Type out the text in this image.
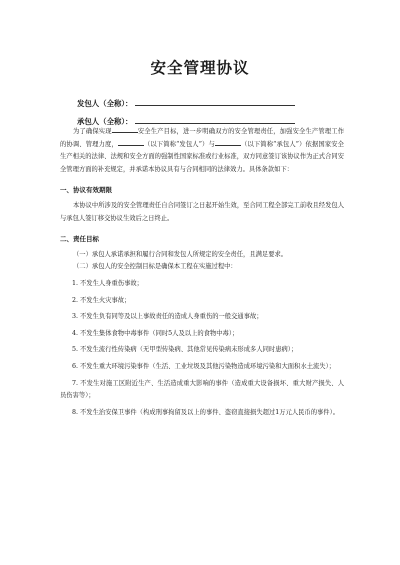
安全管理协议
发包人（全称）：
承包人（全称）：

为了确保实现	安全生产目标，进一步明确双方的安全管理责任，加强安全生产管理工作的协调、管理力度，	（以下简称“发包人”）与	（以下简称“承包人”）依据国家安全生产相关的法律、法规和安全方面的强制性国家标准或行业标准，双方同意签订该协议作为正式合同安全管理方面的补充规定，并承诺本协议具有与合同相同的法律效力。具体条款如下：

一、协议有效期限

本协议中所涉及的安全管理责任自合同签订之日起开始生效，至合同工程全部完工前收且经发包人与承包人签订移交协议生效后之日终止。

二、责任目标

（一）承包人承诺承担和履行合同和发包人所规定的安全责任，且满足要求。

（二）承包人的安全控制目标是确保本工程在实施过程中：

1. 不发生人身重伤事故；

2. 不发生火灾事故；

3. 不发生负有同等及以上事故责任的造成人身重伤的一般交通事故；

4. 不发生集体食物中毒事件（同时5人及以上的食物中毒）；

5. 不发生流行性传染病（无甲型传染病、其他常见传染病未形成多人同时患病）；

6. 不发生重大环境污染事件（生活、工业垃圾及其他污染物造成环境污染和大面积水土流失）；

7. 不发生对施工区附近生产、生活造成重大影响的事件（造成重大设备损坏、重大财产损失、人员伤害等）；

8. 不发生治安保卫事件（构成刑事拘留及以上的事件、盗窃直接损失超过1万元人民币的事件）。
